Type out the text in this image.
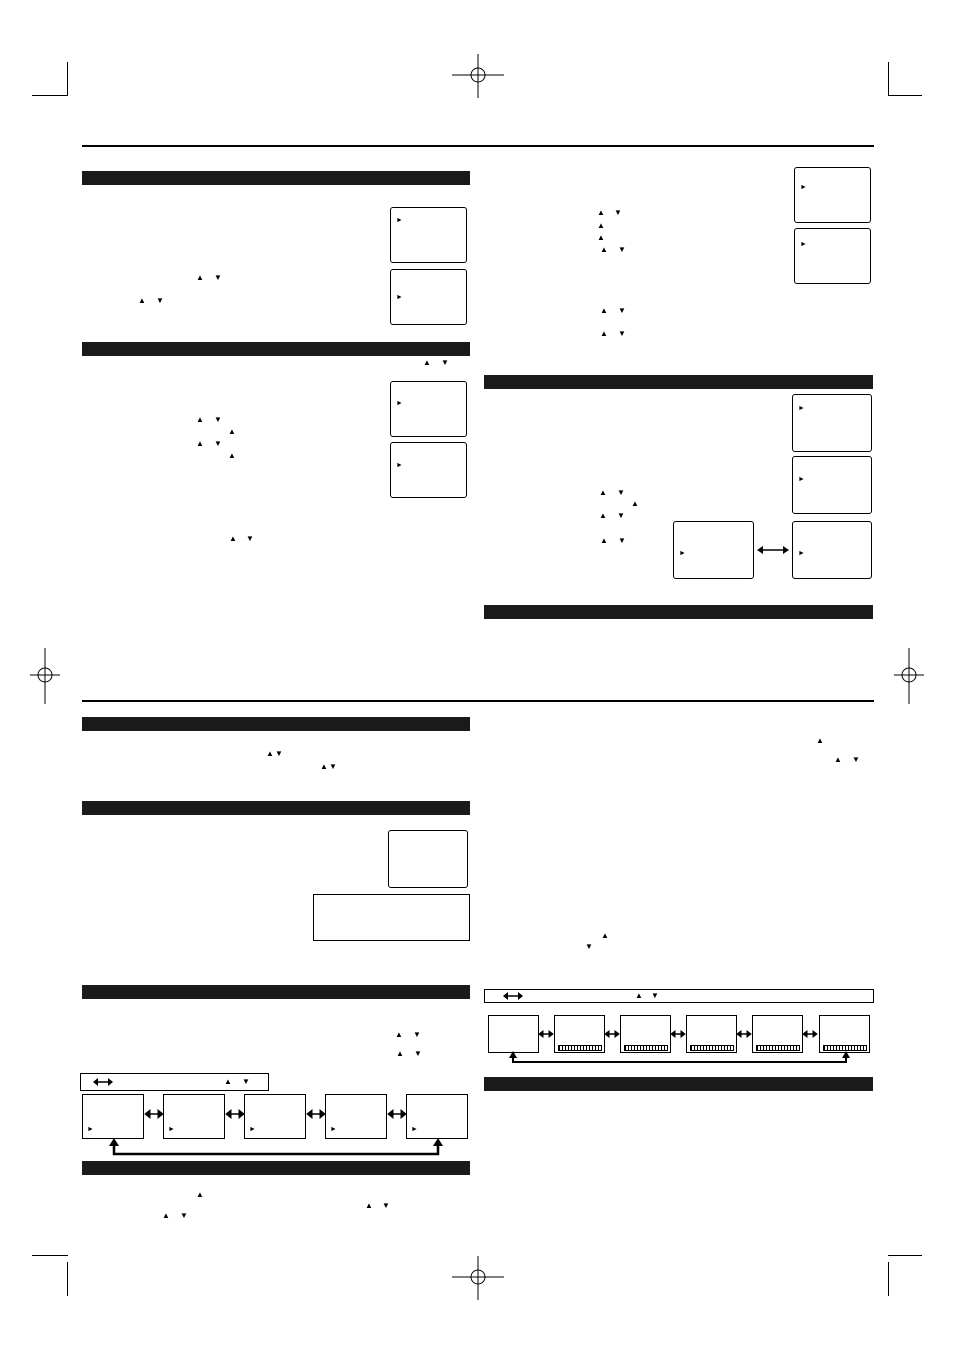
►
►
►
►
▲ ▼
▲ ▼
▲ ▼
▲ ▼
▲
▲ ▼
▲
▲ ▼
►
►
▲ ▼
▲
▲
▲ ▼
▲ ▼
▲ ▼
►
►
►	►
▲ ▼
▲
▲ ▼
▲ ▼
▲ ▼
▲ ▼
▲ ▼
▲ ▼
▲ ▼
►	►	►	►	►
▲
▲ ▼
▲ ▼
▲
▲ ▼
▲
▼
▲ ▼
